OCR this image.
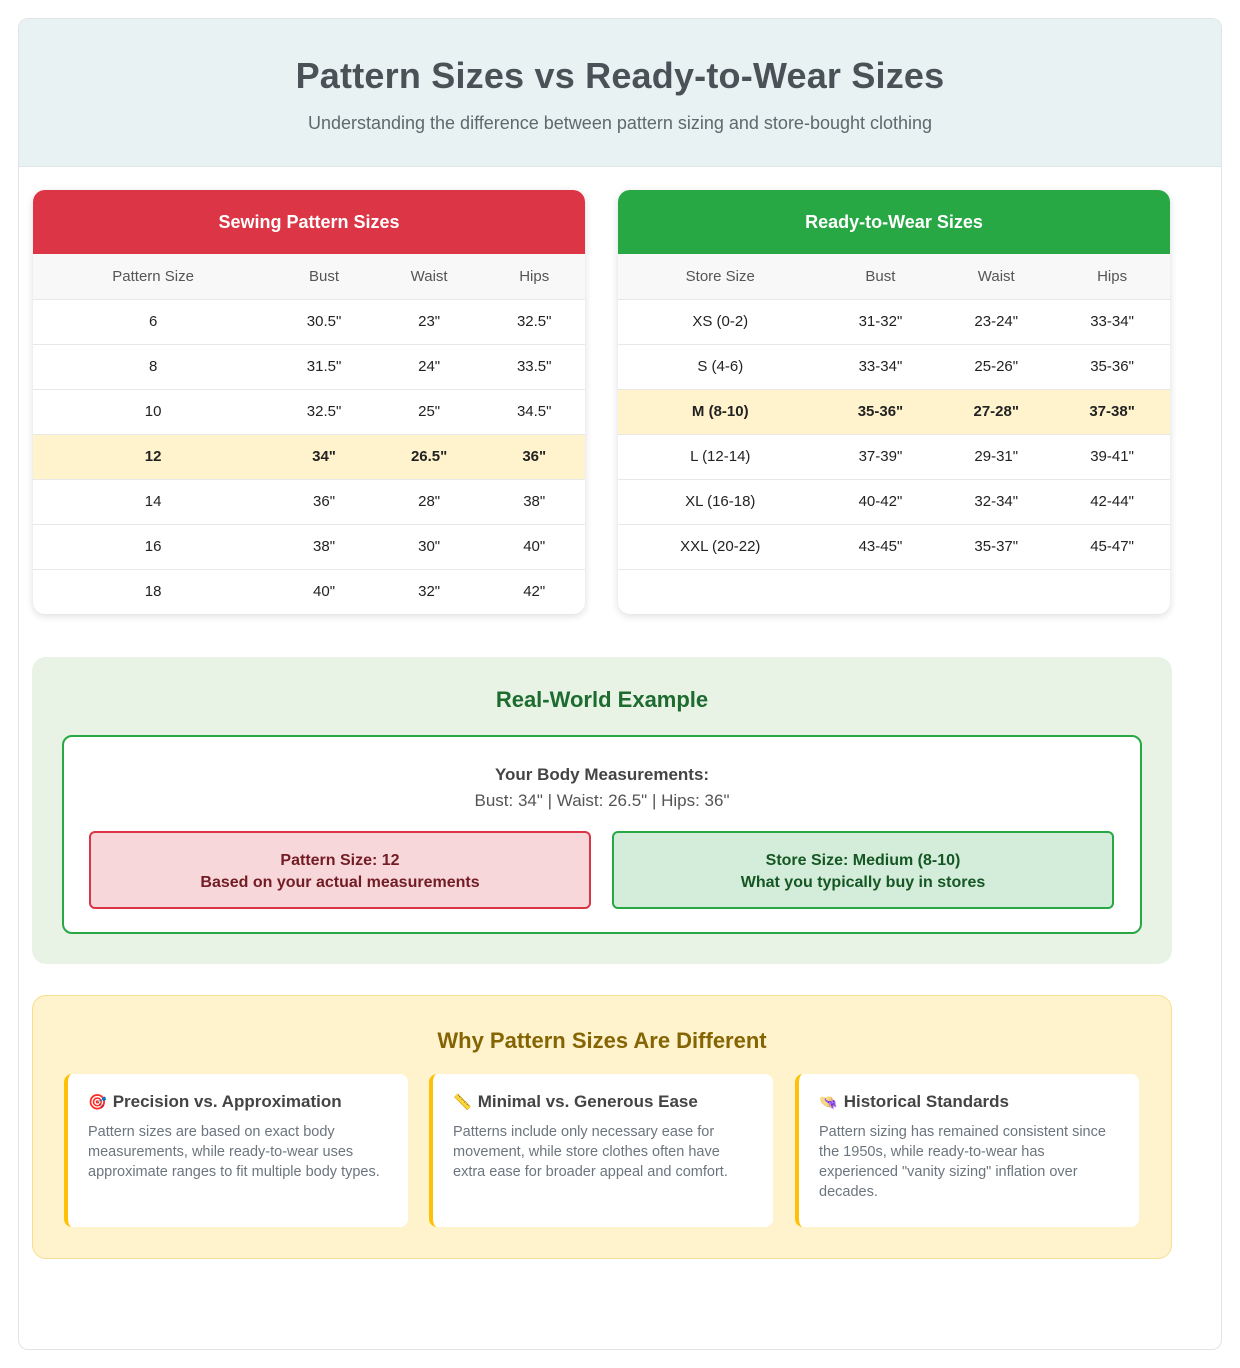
Pattern Sizes vs Ready-to-Wear Sizes

Understanding the difference between pattern sizing and store-bought clothing

Sewing Pattern Sizes
Pattern Size	Bust	Waist	Hips
6	30.5"	23"	32.5"
8	31.5"	24"	33.5"
10	32.5"	25"	34.5"
12	34"	26.5"	36"
14	36"	28"	38"
16	38"	30"	40"
18	40"	32"	42"
Ready-to-Wear Sizes
Store Size	Bust	Waist	Hips
XS (0-2)	31-32"	23-24"	33-34"
S (4-6)	33-34"	25-26"	35-36"
M (8-10)	35-36"	27-28"	37-38"
L (12-14)	37-39"	29-31"	39-41"
XL (16-18)	40-42"	32-34"	42-44"
XXL (20-22)	43-45"	35-37"	45-47"
Real-World Example
Your Body Measurements:
Bust: 34" | Waist: 26.5" | Hips: 36"
Pattern Size: 12
Based on your actual measurements
Store Size: Medium (8-10)
What you typically buy in stores
Why Pattern Sizes Are Different
🎯 Precision vs. Approximation

Pattern sizes are based on exact body measurements, while ready-to-wear uses approximate ranges to fit multiple body types.

📏 Minimal vs. Generous Ease

Patterns include only necessary ease for movement, while store clothes often have extra ease for broader appeal and comfort.

👒 Historical Standards

Pattern sizing has remained consistent since the 1950s, while ready-to-wear has experienced "vanity sizing" inflation over decades.
